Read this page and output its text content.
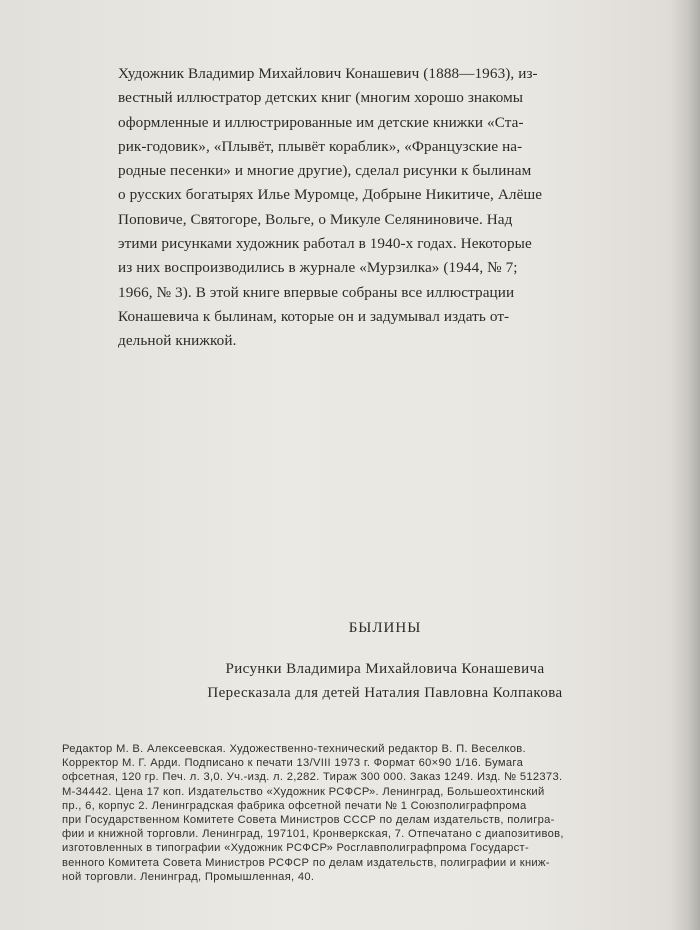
Художник Владимир Михайлович Конашевич (1888—1963), из-

вестный иллюстратор детских книг (многим хорошо знакомы

оформленные и иллюстрированные им детские книжки «Ста-

рик-годовик», «Плывёт, плывёт кораблик», «Французские на-

родные песенки» и многие другие), сделал рисунки к былинам

о русских богатырях Илье Муромце, Добрыне Никитиче, Алёше

Поповиче, Святогоре, Вольге, о Микуле Селяниновиче. Над

этими рисунками художник работал в 1940-х годах. Некоторые

из них воспроизводились в журнале «Мурзилка» (1944, № 7;

1966, № 3). В этой книге впервые собраны все иллюстрации

Конашевича к былинам, которые он и задумывал издать от-

дельной книжкой.

БЫЛИНЫ

Рисунки Владимира Михайловича Конашевича

Пересказала для детей Наталия Павловна Колпакова

Редактор М. В. Алексеевская. Художественно-технический редактор В. П. Веселков.

Корректор М. Г. Арди. Подписано к печати 13/VIII 1973 г. Формат 60×90 1/16. Бумага

офсетная, 120 гр. Печ. л. 3,0. Уч.-изд. л. 2,282. Тираж 300 000. Заказ 1249. Изд. № 512373.

М-34442. Цена 17 коп. Издательство «Художник РСФСР». Ленинград, Большеохтинский

пр., 6, корпус 2. Ленинградская фабрика офсетной печати № 1 Союзполиграфпрома

при Государственном Комитете Совета Министров СССР по делам издательств, полигра-

фии и книжной торговли. Ленинград, 197101, Кронверкская, 7. Отпечатано с диапозитивов,

изготовленных в типографии «Художник РСФСР» Росглавполиграфпрома Государст-

венного Комитета Совета Министров РСФСР по делам издательств, полиграфии и книж-

ной торговли. Ленинград, Промышленная, 40.
